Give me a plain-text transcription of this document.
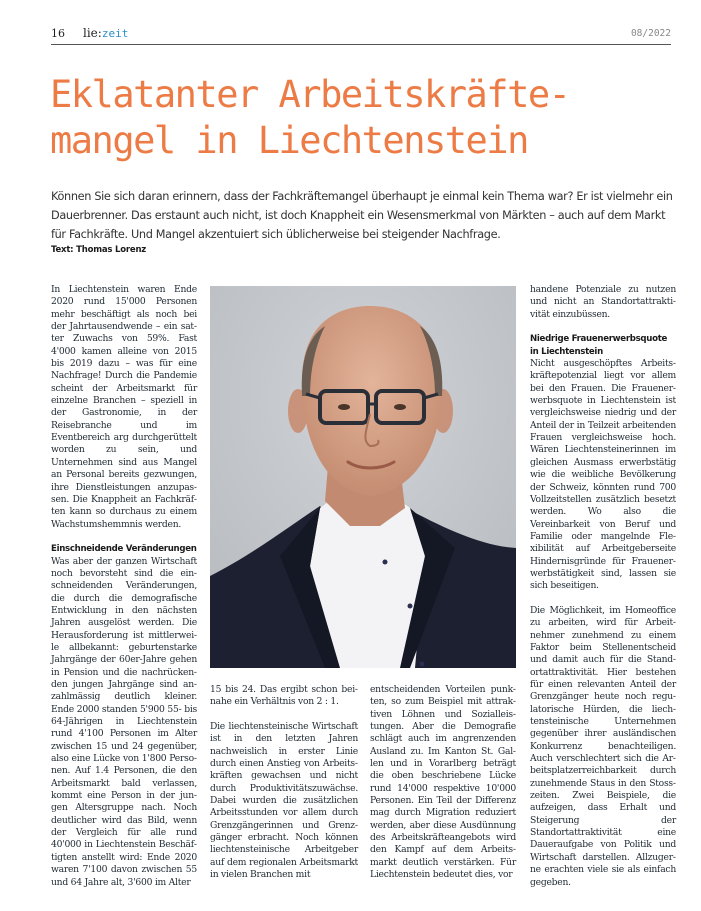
16 lie:zeit	08/2022
Eklatanter Arbeitskräfte-
mangel in Liechtenstein

Können Sie sich daran erinnern, dass der Fachkräftemangel überhaupt je einmal kein Thema war? Er ist vielmehr ein Dauerbrenner. Das erstaunt auch nicht, ist doch Knappheit ein Wesensmerkmal von Märkten – auch auf dem Markt für Fachkräfte. Und Mangel akzentuiert sich üblicherweise bei steigender Nachfrage.

Text: Thomas Lorenz

In Liechtenstein waren Ende 2020 rund 15'000 Personen mehr beschäftigt als noch bei der Jahrtausendwende – ein satter Zuwachs von 59%. Fast 4'000 kamen alleine von 2015 bis 2019 dazu – was für eine Nachfrage! Durch die Pandemie scheint der Arbeitsmarkt für einzelne Branchen – speziell in der Gastronomie, in der Reisebranche und im Eventbereich arg durchgerüttelt worden zu sein, und Unternehmen sind aus Mangel an Personal bereits gezwungen, ihre Dienstleistungen anzupassen. Die Knappheit an Fachkräften kann so durchaus zu einem Wachstumshemmnis werden.

Einschneidende Veränderungen

Was aber der ganzen Wirtschaft noch bevorsteht sind die einschneidenden Veränderungen, die durch die demografische Entwicklung in den nächsten Jahren ausgelöst werden. Die Herausforderung ist mittlerweile allbekannt: geburtenstarke Jahrgänge der 60er-Jahre gehen in Pension und die nachrückenden jungen Jahrgänge sind anzahlmässig deutlich kleiner. Ende 2000 standen 5'900 55- bis 64-Jährigen in Liechtenstein rund 4'100 Personen im Alter zwischen 15 und 24 gegenüber, also eine Lücke von 1'800 Personen. Auf 1.4 Personen, die den Arbeitsmarkt bald verlassen, kommt eine Person in der jungen Altersgruppe nach. Noch deutlicher wird das Bild, wenn der Vergleich für alle rund 40'000 in Liechtenstein Beschäftigten anstellt wird: Ende 2020 waren 7'100 davon zwischen 55 und 64 Jahre alt, 3'600 im Alter

15 bis 24. Das ergibt schon beinahe ein Verhältnis von 2 : 1.

Die liechtensteinische Wirtschaft ist in den letzten Jahren nachweislich in erster Linie durch einen Anstieg von Arbeitskräften gewachsen und nicht durch Produktivitätszuwächse. Dabei wurden die zusätzlichen Arbeitsstunden vor allem durch Grenzgängerinnen und Grenzgänger erbracht. Noch können liechtensteinische Arbeitgeber auf dem regionalen Arbeitsmarkt in vielen Branchen mit

entscheidenden Vorteilen punkten, so zum Beispiel mit attraktiven Löhnen und Sozialleistungen. Aber die Demografie schlägt auch im angrenzenden Ausland zu. Im Kanton St. Gallen und in Vorarlberg beträgt die oben beschriebene Lücke rund 14'000 respektive 10'000 Personen. Ein Teil der Differenz mag durch Migration reduziert werden, aber diese Ausdünnung des Arbeitskräfteangebots wird den Kampf auf dem Arbeitsmarkt deutlich verstärken. Für Liechtenstein bedeutet dies, vor

handene Potenziale zu nutzen und nicht an Standortattraktivität einzubüssen.

Niedrige Frauenerwerbsquote in Liechtenstein

Nicht ausgeschöpftes Arbeitskräftepotenzial liegt vor allem bei den Frauen. Die Frauenerwerbsquote in Liechtenstein ist vergleichsweise niedrig und der Anteil der in Teilzeit arbeitenden Frauen vergleichsweise hoch. Wären Liechtensteinerinnen im gleichen Ausmass erwerbstätig wie die weibliche Bevölkerung der Schweiz, könnten rund 700 Vollzeitstellen zusätzlich besetzt werden. Wo also die Vereinbarkeit von Beruf und Familie oder mangelnde Flexibilität auf Arbeitgeberseite Hindernisgründe für Frauenerwerbstätigkeit sind, lassen sie sich beseitigen.

Die Möglichkeit, im Homeoffice zu arbeiten, wird für Arbeitnehmer zunehmend zu einem Faktor beim Stellenentscheid und damit auch für die Standortattraktivität. Hier bestehen für einen relevanten Anteil der Grenzgänger heute noch regulatorische Hürden, die liechtensteinische Unternehmen gegenüber ihrer ausländischen Konkurrenz benachteiligen. Auch verschlechtert sich die Arbeitsplatzerreichbarkeit durch zunehmende Staus in den Stosszeiten. Zwei Beispiele, die aufzeigen, dass Erhalt und Steigerung der Standortattraktivität eine Daueraufgabe von Politik und Wirtschaft darstellen. Allzugerne erachten viele sie als einfach gegeben.
